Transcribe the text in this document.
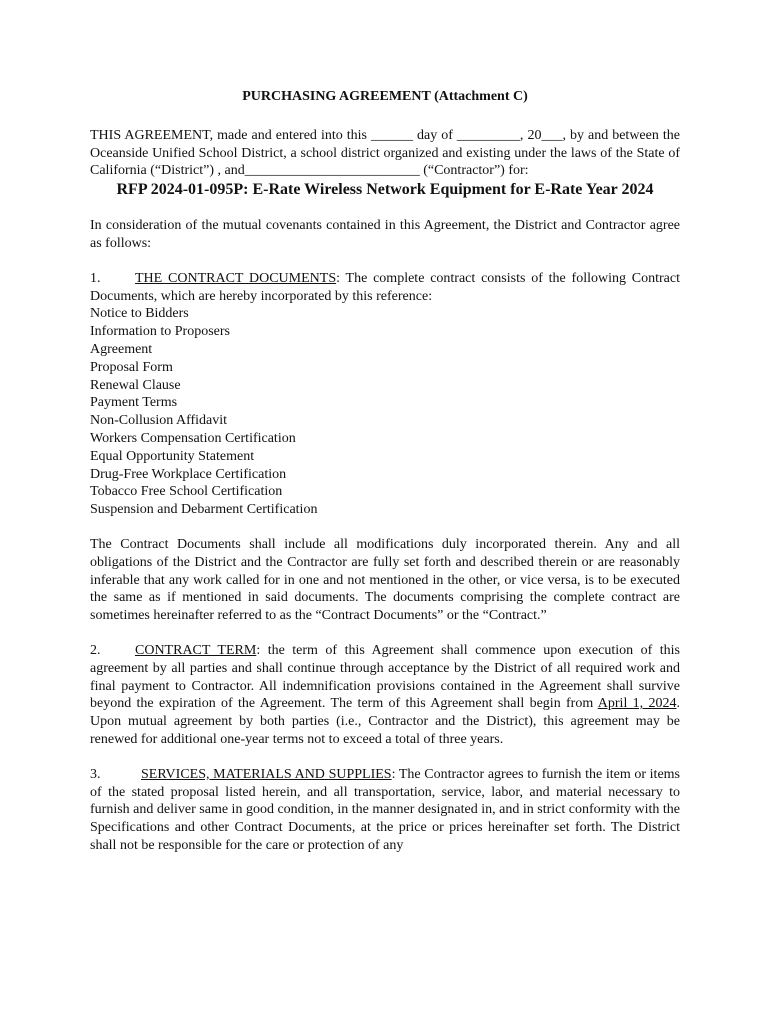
PURCHASING AGREEMENT (Attachment C)

THIS AGREEMENT, made and entered into this ______ day of _________, 20___, by and between the Oceanside Unified School District, a school district organized and existing under the laws of the State of California (“District”) , and_________________________ (“Contractor”) for:

RFP 2024-01-095P: E-Rate Wireless Network Equipment for E-Rate Year 2024

In consideration of the mutual covenants contained in this Agreement, the District and Contractor agree as follows:

1. THE CONTRACT DOCUMENTS: The complete contract consists of the following Contract Documents, which are hereby incorporated by this reference:

Notice to Bidders
Information to Proposers
Agreement
Proposal Form
Renewal Clause
Payment Terms
Non-Collusion Affidavit
Workers Compensation Certification
Equal Opportunity Statement
Drug-Free Workplace Certification
Tobacco Free School Certification
Suspension and Debarment Certification

The Contract Documents shall include all modifications duly incorporated therein. Any and all obligations of the District and the Contractor are fully set forth and described therein or are reasonably inferable that any work called for in one and not mentioned in the other, or vice versa, is to be executed the same as if mentioned in said documents. The documents comprising the complete contract are sometimes hereinafter referred to as the “Contract Documents” or the “Contract.”

2. CONTRACT TERM: the term of this Agreement shall commence upon execution of this agreement by all parties and shall continue through acceptance by the District of all required work and final payment to Contractor. All indemnification provisions contained in the Agreement shall survive beyond the expiration of the Agreement. The term of this Agreement shall begin from April 1, 2024. Upon mutual agreement by both parties (i.e., Contractor and the District), this agreement may be renewed for additional one-year terms not to exceed a total of three years.

3.	SERVICES, MATERIALS AND SUPPLIES: The Contractor agrees to furnish the item or items of the stated proposal listed herein, and all transportation, service, labor, and material necessary to furnish and deliver same in good condition, in the manner designated in, and in strict conformity with the Specifications and other Contract Documents, at the price or prices hereinafter set forth. The District shall not be responsible for the care or protection of any
